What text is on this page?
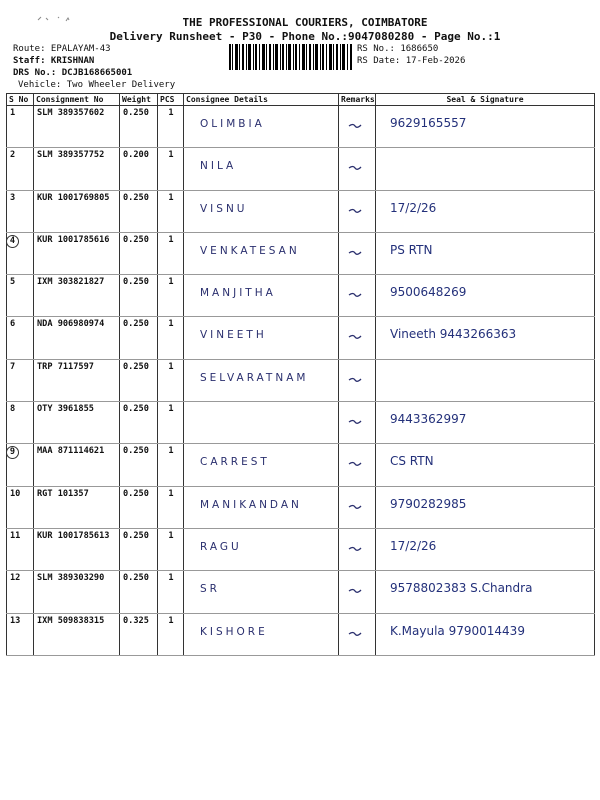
THE PROFESSIONAL COURIERS, COIMBATORE
Delivery Runsheet - P30 - Phone No.:9047080280 - Page No.:1
Route: EPALAYAM-43
Staff: KRISHNAN
DRS No.: DCJB168665001
Vehicle: Two Wheeler Delivery
RS No.: 1686650
RS Date: 17-Feb-2026
S No	Consignment No	Weight	PCS	Consignee Details	Remarks	Seal & Signature
1	SLM 389357602	0.250	1	OLIMBIA		9629165557

2	SLM 389357752	0.200	1	NILA

3	KUR 1001769805	0.250	1	VISNU		17/2/26

4	KUR 1001785616	0.250	1	VENKATESAN		PS RTN

5	IXM 303821827	0.250	1	MANJITHA		9500648269

6	NDA 906980974	0.250	1	VINEETH		Vineeth 9443266363

7	TRP 7117597	0.250	1	SELVARATNAM

8	OTY 3961855	0.250	1			9443362997

9	MAA 871114621	0.250	1	CARREST		CS RTN

10	RGT 101357	0.250	1	MANIKANDAN		9790282985

11	KUR 1001785613	0.250	1	RAGU		17/2/26

12	SLM 389303290	0.250	1	SR		9578802383 S.Chandra

13	IXM 509838315	0.325	1	KISHORE		K.Mayula 9790014439
